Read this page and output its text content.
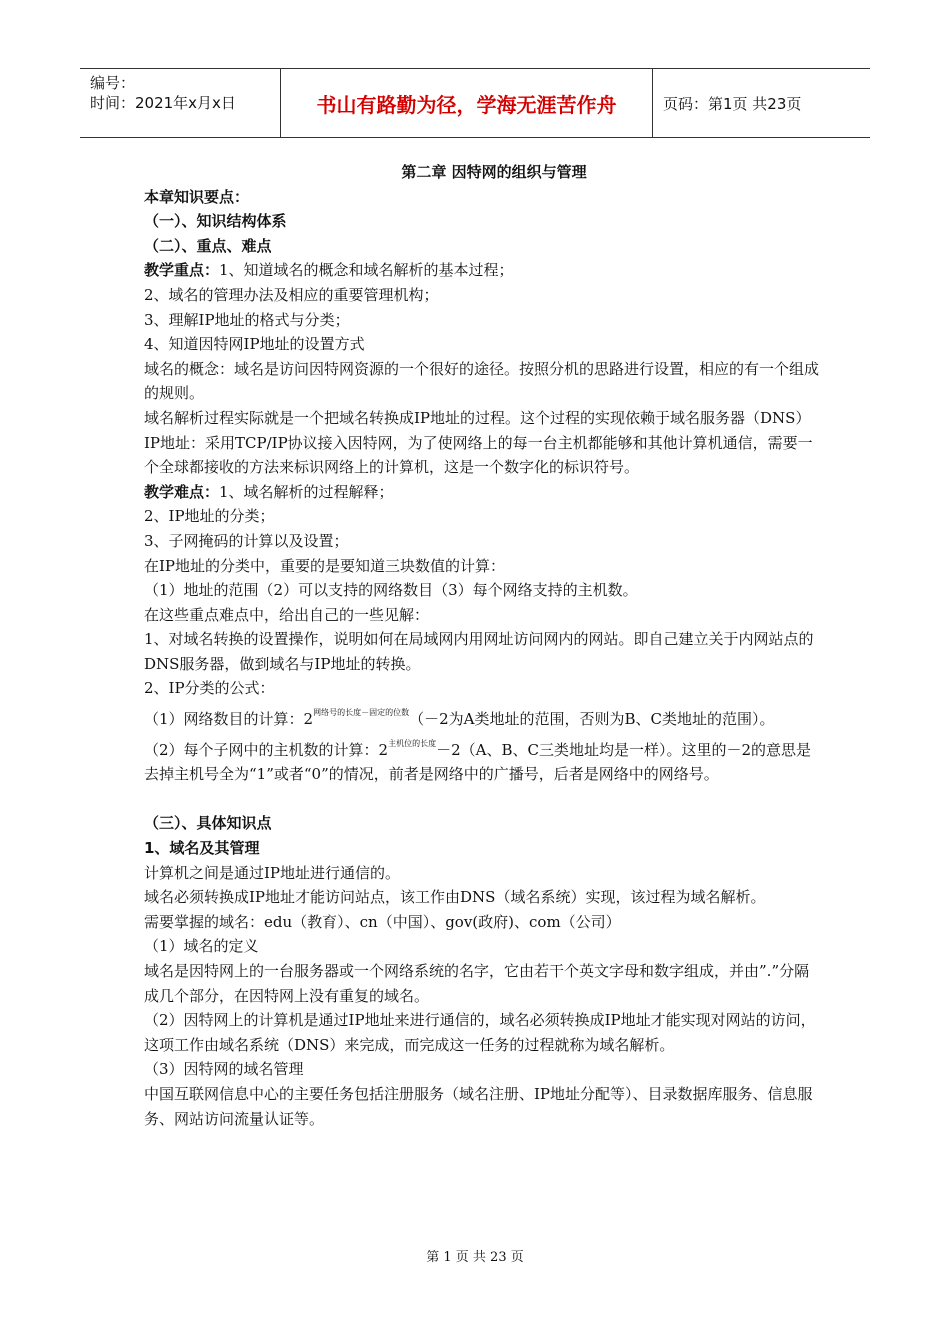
编号：
时间：2021年x月x日	书山有路勤为径，学海无涯苦作舟	页码：第1页 共23页
第二章 因特网的组织与管理
本章知识要点：
（一）、知识结构体系
（二）、重点、难点
教学重点：1、知道域名的概念和域名解析的基本过程；
2、域名的管理办法及相应的重要管理机构；
3、理解IP地址的格式与分类；
4、知道因特网IP地址的设置方式
域名的概念：域名是访问因特网资源的一个很好的途径。按照分机的思路进行设置，相应的有一个组成的规则。
域名解析过程实际就是一个把域名转换成IP地址的过程。这个过程的实现依赖于域名服务器（DNS）
IP地址：采用TCP/IP协议接入因特网，为了使网络上的每一台主机都能够和其他计算机通信，需要一个全球都接收的方法来标识网络上的计算机，这是一个数字化的标识符号。
教学难点：1、域名解析的过程解释；
2、IP地址的分类；
3、子网掩码的计算以及设置；
在IP地址的分类中，重要的是要知道三块数值的计算：
（1）地址的范围（2）可以支持的网络数目（3）每个网络支持的主机数。
在这些重点难点中，给出自己的一些见解：
1、对域名转换的设置操作，说明如何在局域网内用网址访问网内的网站。即自己建立关于内网站点的DNS服务器，做到域名与IP地址的转换。
2、IP分类的公式：
（1）网络数目的计算：$2^{网络号的长度-固定的位数}(-2$为A类地址的范围，否则为B、C类地址的范围）。
（2）每个子网中的主机数的计算：$2^{主机位的长度}-2(A$、B、C三类地址均是一样）。这里的－2的意思是去掉主机号全为“1”或者“0”的情况，前者是网络中的广播号，后者是网络中的网络号。
（三）、具体知识点
1、域名及其管理
计算机之间是通过IP地址进行通信的。
域名必须转换成IP地址才能访问站点，该工作由DNS（域名系统）实现，该过程为域名解析。
需要掌握的域名：edu（教育）、cn（中国）、gov(政府)、com（公司）
（1）域名的定义
域名是因特网上的一台服务器或一个网络系统的名字，它由若干个英文字母和数字组成，并由”.”分隔成几个部分，在因特网上没有重复的域名。
（2）因特网上的计算机是通过IP地址来进行通信的，域名必须转换成IP地址才能实现对网站的访问，这项工作由域名系统（DNS）来完成，而完成这一任务的过程就称为域名解析。
（3）因特网的域名管理
中国互联网信息中心的主要任务包括注册服务（域名注册、IP地址分配等）、目录数据库服务、信息服务、网站访问流量认证等。
第 1 页 共 23 页
